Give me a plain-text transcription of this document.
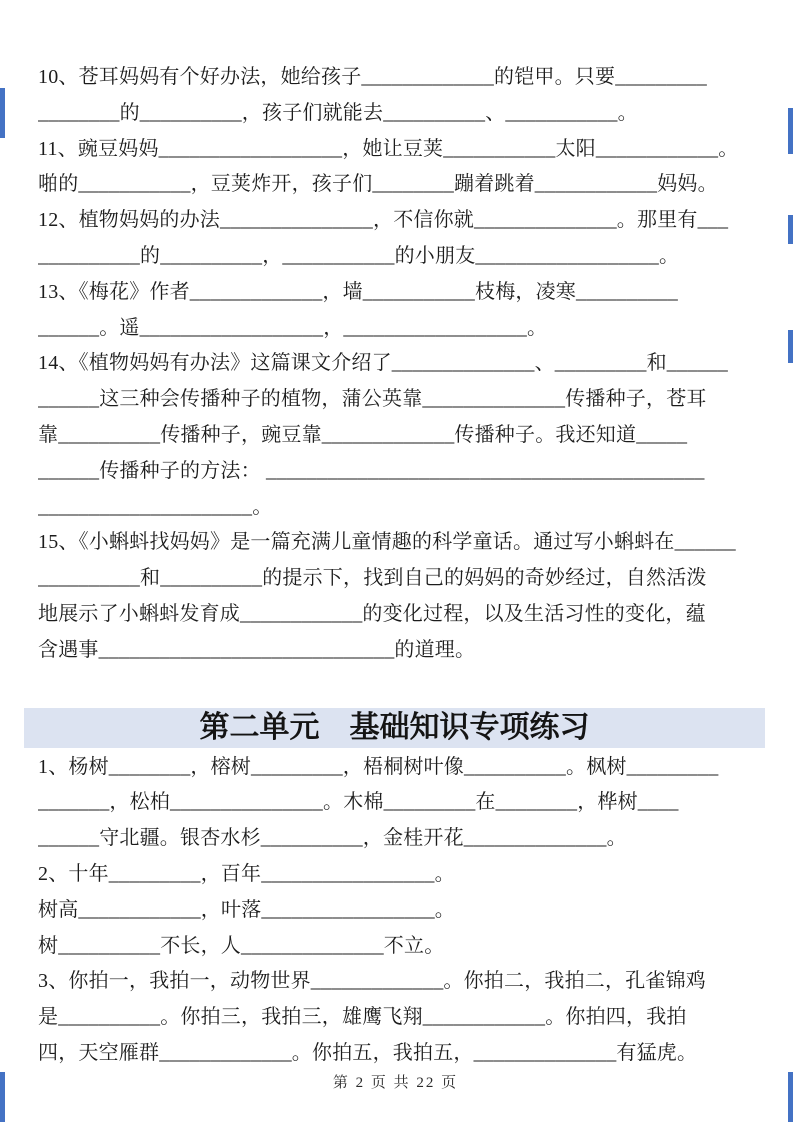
10、苍耳妈妈有个好办法，她给孩子_____________的铠甲。只要_________
________的__________，孩子们就能去__________、___________。
11、豌豆妈妈__________________，她让豆荚___________太阳____________。
啪的___________，豆荚炸开，孩子们________蹦着跳着____________妈妈。
12、植物妈妈的办法_______________，不信你就______________。那里有___
__________的__________，___________的小朋友__________________。
13、《梅花》作者_____________，墙___________枝梅，凌寒__________
______。遥__________________，__________________。
14、《植物妈妈有办法》这篇课文介绍了______________、_________和______
______这三种会传播种子的植物，蒲公英靠______________传播种子，苍耳
靠__________传播种子，豌豆靠_____________传播种子。我还知道_____
______传播种子的方法： ___________________________________________
_____________________。
15、《小蝌蚪找妈妈》是一篇充满儿童情趣的科学童话。通过写小蝌蚪在______
__________和__________的提示下，找到自己的妈妈的奇妙经过，自然活泼
地展示了小蝌蚪发育成____________的变化过程，以及生活习性的变化，蕴
含遇事_____________________________的道理。
第二单元　基础知识专项练习
1、杨树________，榕树_________，梧桐树叶像__________。枫树_________
_______，松柏_______________。木棉_________在________，桦树____
______守北疆。银杏水杉__________，金桂开花______________。
2、十年_________，百年_________________。
树高____________，叶落_________________。
树__________不长，人______________不立。
3、你拍一，我拍一，动物世界_____________。你拍二，我拍二，孔雀锦鸡
是__________。你拍三，我拍三，雄鹰飞翔____________。你拍四，我拍
四，天空雁群_____________。你拍五，我拍五，______________有猛虎。
第 2 页 共 22 页
